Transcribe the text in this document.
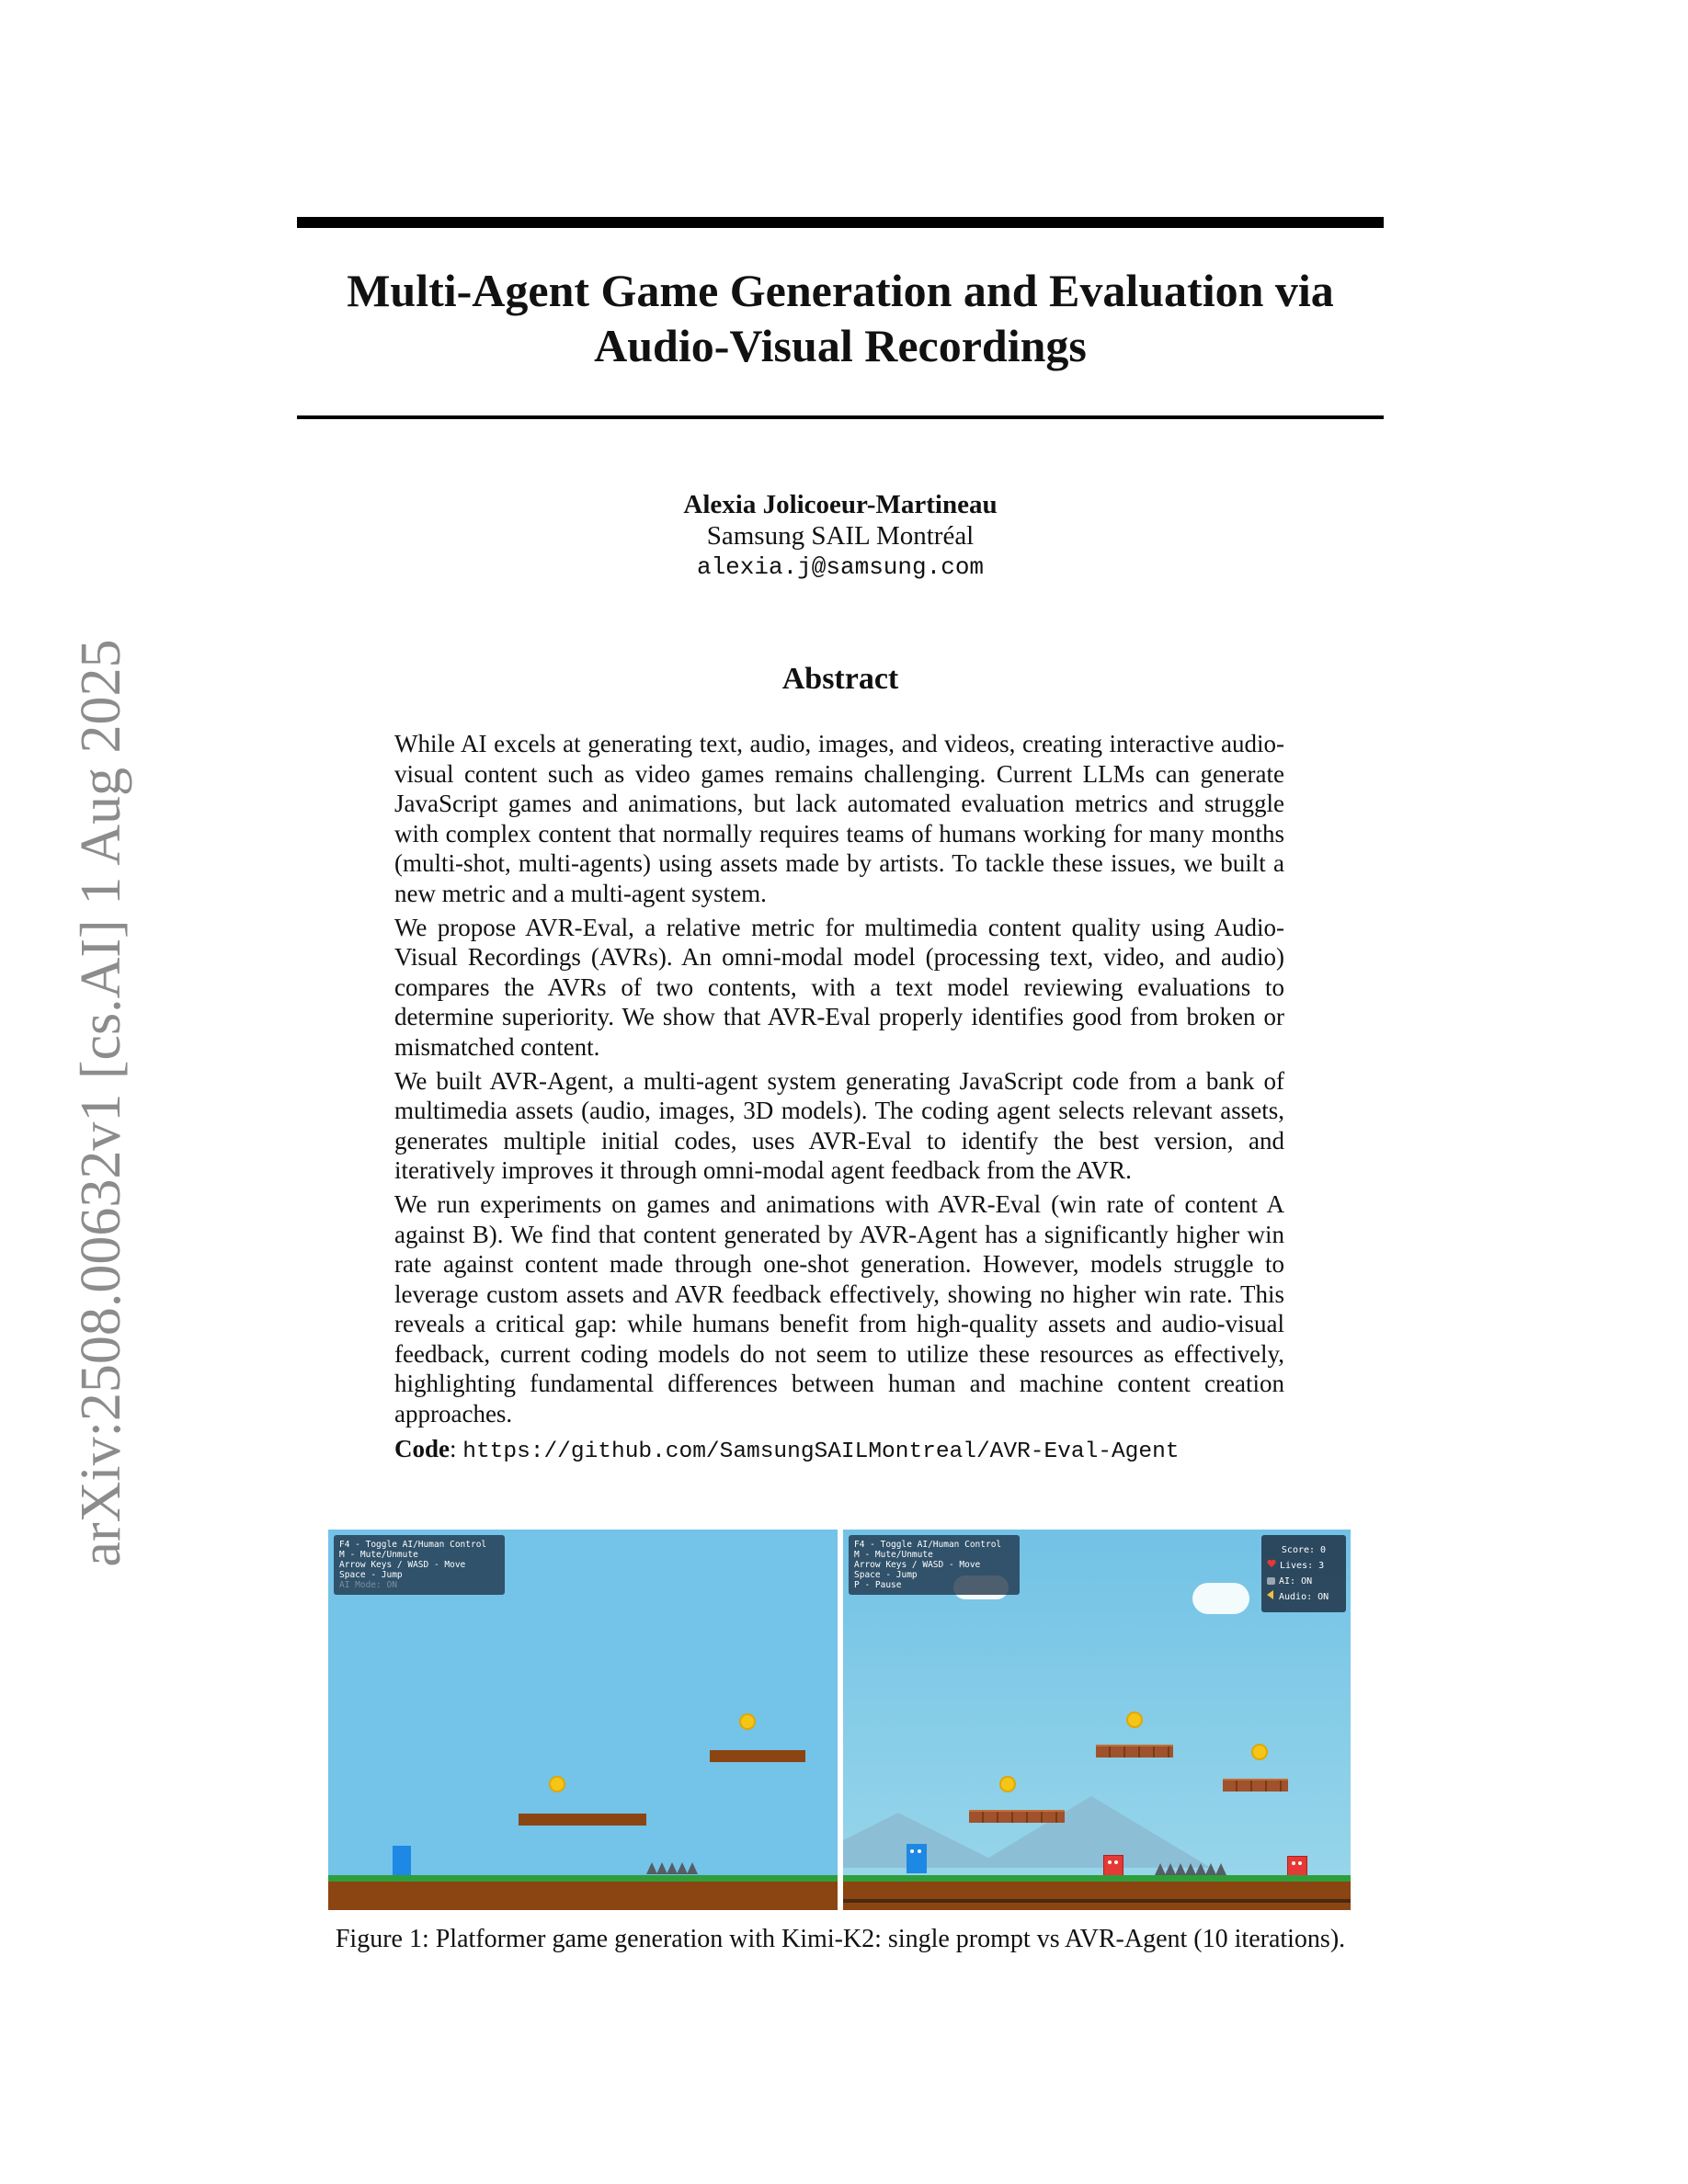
arXiv:2508.00632v1 [cs.AI] 1 Aug 2025
Multi-Agent Game Generation and Evaluation via
Audio-Visual Recordings
Alexia Jolicoeur-Martineau
Samsung SAIL Montréal
alexia.j@samsung.com
Abstract

While AI excels at generating text, audio, images, and videos, creating interactive audio-visual content such as video games remains challenging. Current LLMs can generate JavaScript games and animations, but lack automated evaluation metrics and struggle with complex content that normally requires teams of humans working for many months (multi-shot, multi-agents) using assets made by artists. To tackle these issues, we built a new metric and a multi-agent system.

We propose AVR-Eval, a relative metric for multimedia content quality using Audio-Visual Recordings (AVRs). An omni-modal model (processing text, video, and audio) compares the AVRs of two contents, with a text model reviewing evaluations to determine superiority. We show that AVR-Eval properly identifies good from broken or mismatched content.

We built AVR-Agent, a multi-agent system generating JavaScript code from a bank of multimedia assets (audio, images, 3D models). The coding agent selects relevant assets, generates multiple initial codes, uses AVR-Eval to identify the best version, and iteratively improves it through omni-modal agent feedback from the AVR.

We run experiments on games and animations with AVR-Eval (win rate of content A against B). We find that content generated by AVR-Agent has a significantly higher win rate against content made through one-shot generation. However, models struggle to leverage custom assets and AVR feedback effectively, showing no higher win rate. This reveals a critical gap: while humans benefit from high-quality assets and audio-visual feedback, current coding models do not seem to utilize these resources as effectively, highlighting fundamental differences between human and machine content creation approaches.

Code: https://github.com/SamsungSAILMontreal/AVR-Eval-Agent

F4 - Toggle AI/Human Control
M - Mute/Unmute
Arrow Keys / WASD - Move
Space - Jump
AI Mode: ON
F4 - Toggle AI/Human Control
M - Mute/Unmute
Arrow Keys / WASD - Move
Space - Jump
P - Pause
Score: 0
Lives: 3
AI: ON
Audio: ON

Figure 1: Platformer game generation with Kimi-K2: single prompt vs AVR-Agent (10 iterations).
